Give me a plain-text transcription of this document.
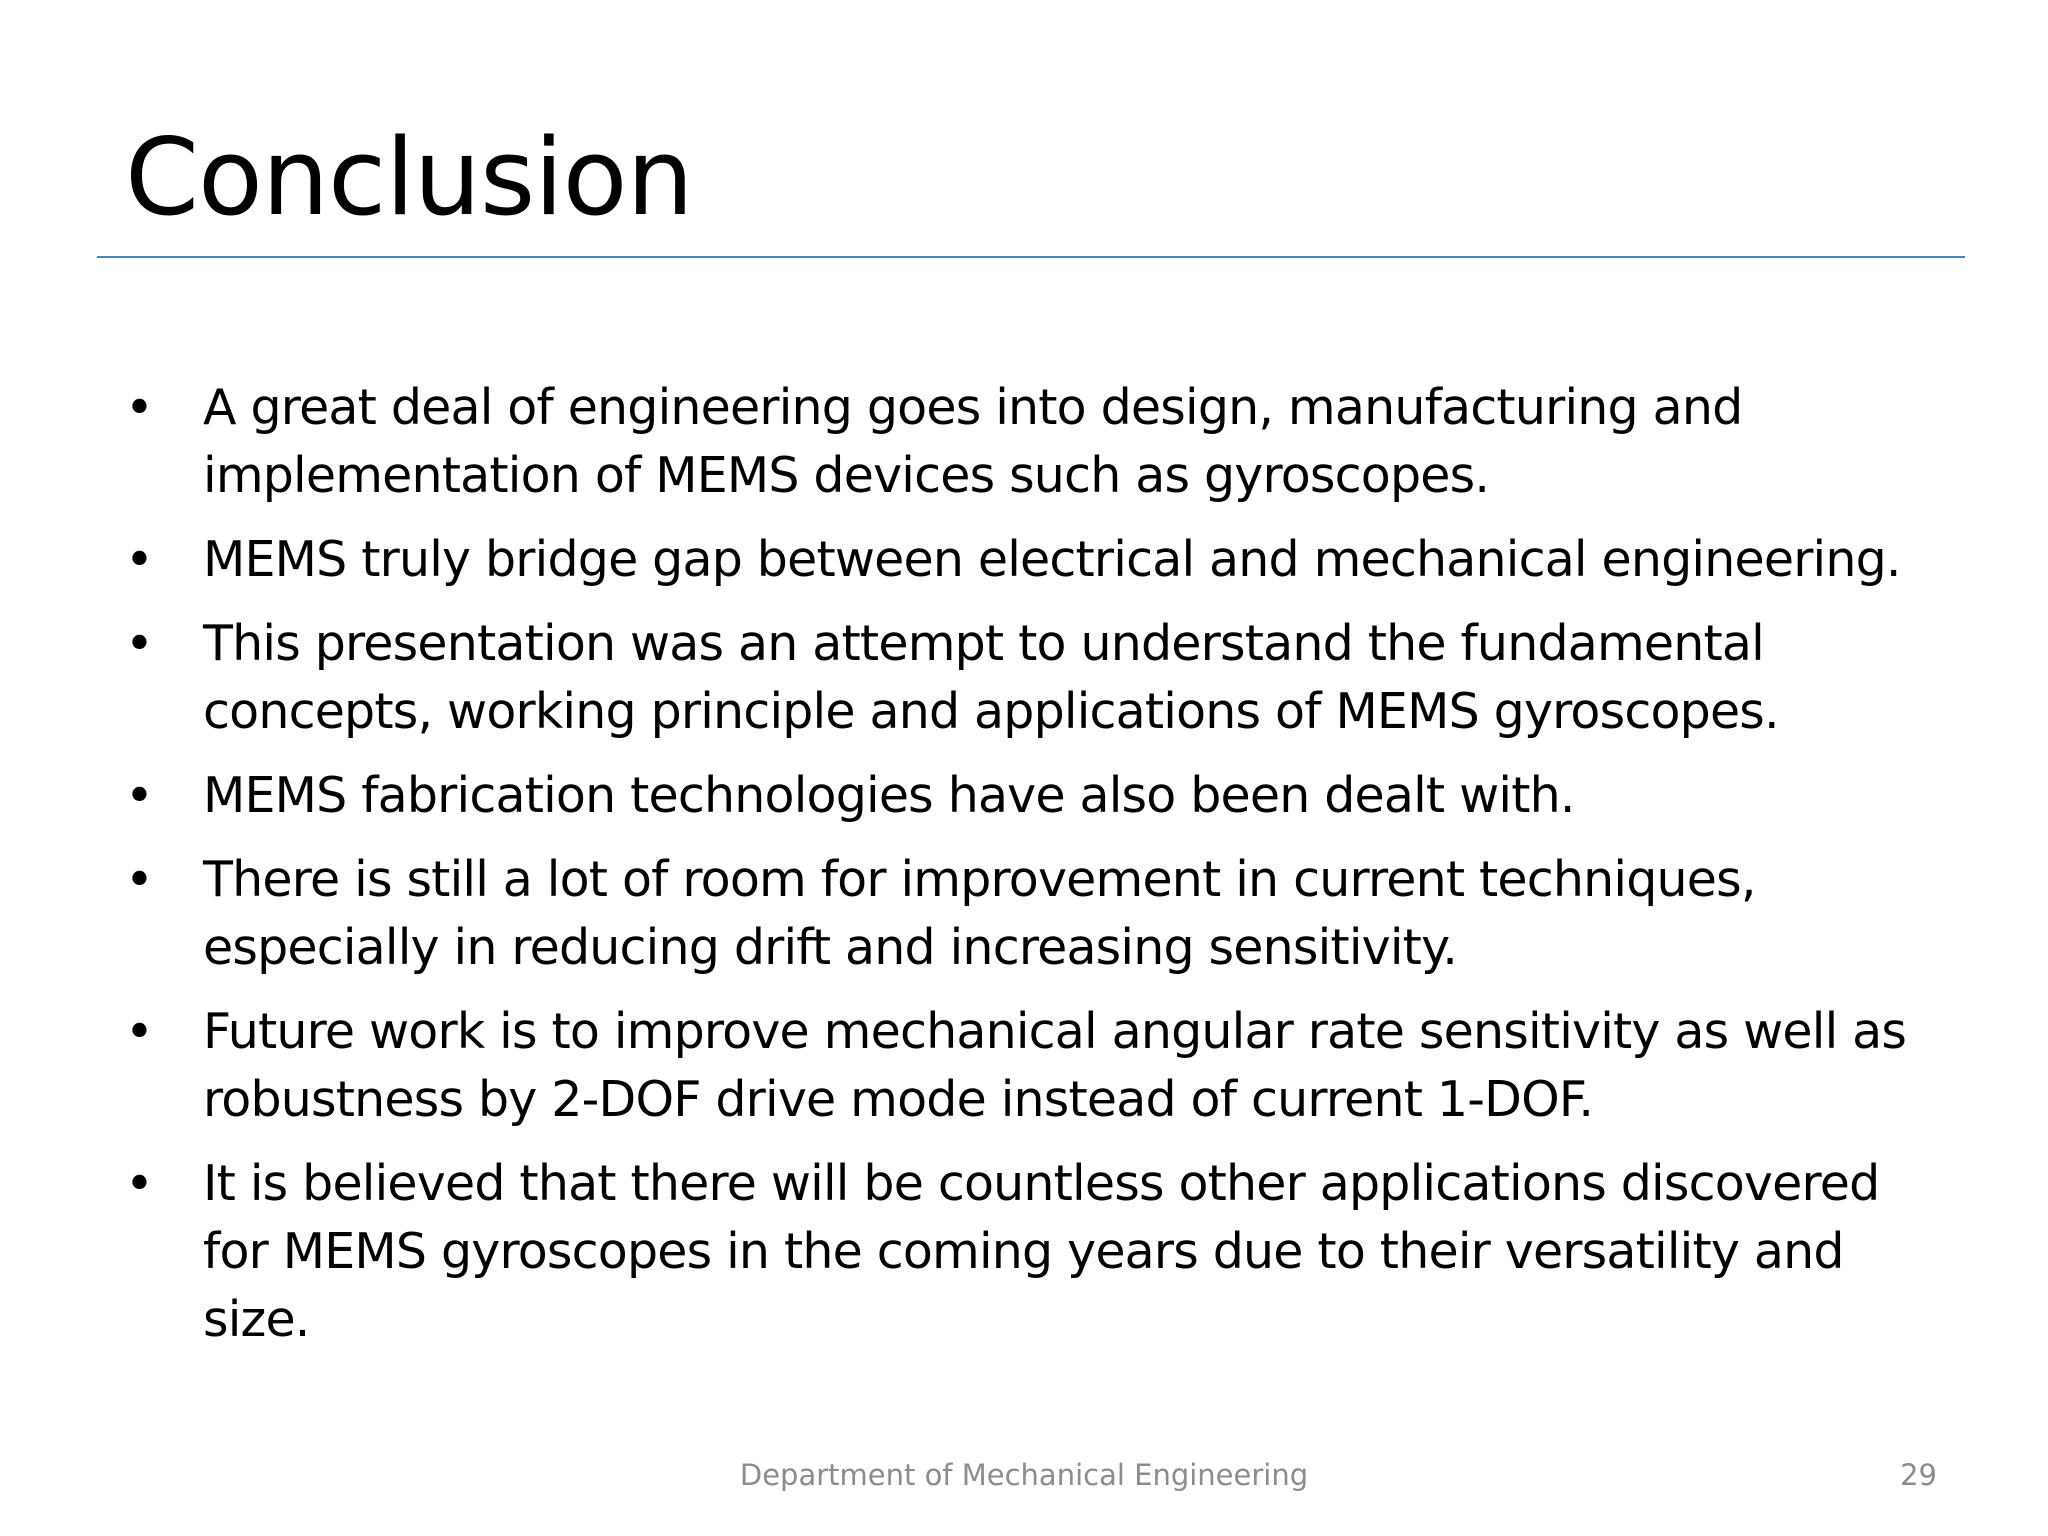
Conclusion
• A great deal of engineering goes into design, manufacturing and implementation of MEMS devices such as gyroscopes.
• MEMS truly bridge gap between electrical and mechanical engineering.
• This presentation was an attempt to understand the fundamental concepts, working principle and applications of MEMS gyroscopes.
• MEMS fabrication technologies have also been dealt with.
• There is still a lot of room for improvement in current techniques, especially in reducing drift and increasing sensitivity.
• Future work is to improve mechanical angular rate sensitivity as well as robustness by 2-DOF drive mode instead of current 1-DOF.
• It is believed that there will be countless other applications discovered for MEMS gyroscopes in the coming years due to their versatility and size.
Department of Mechanical Engineering	29
